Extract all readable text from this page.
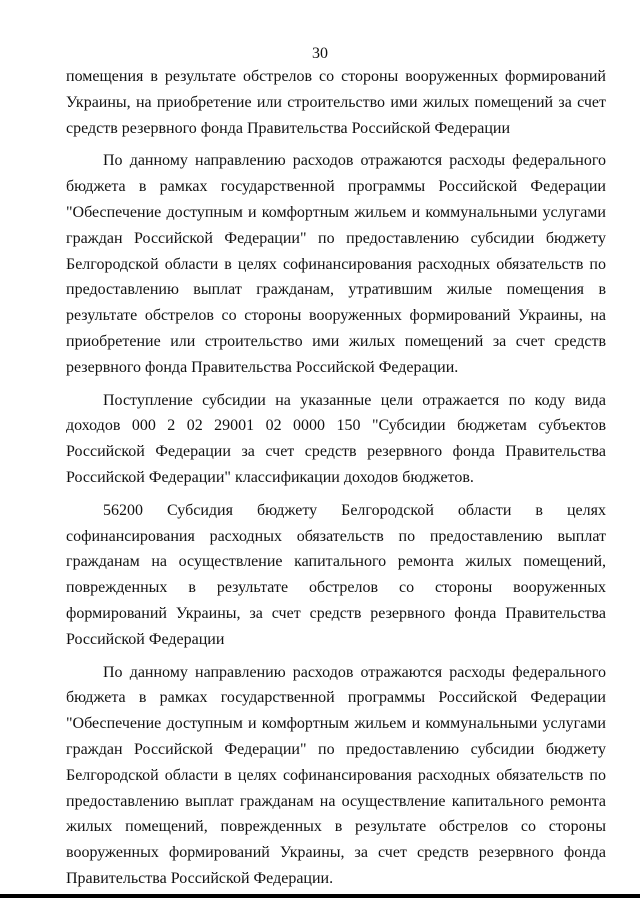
30

помещения в результате обстрелов со стороны вооруженных формирований Украины, на приобретение или строительство ими жилых помещений за счет средств резервного фонда Правительства Российской Федерации

По данному направлению расходов отражаются расходы федерального бюджета в рамках государственной программы Российской Федерации "Обеспечение доступным и комфортным жильем и коммунальными услугами граждан Российской Федерации" по предоставлению субсидии бюджету Белгородской области в целях софинансирования расходных обязательств по предоставлению выплат гражданам, утратившим жилые помещения в результате обстрелов со стороны вооруженных формирований Украины, на приобретение или строительство ими жилых помещений за счет средств резервного фонда Правительства Российской Федерации.

Поступление субсидии на указанные цели отражается по коду вида доходов 000 2 02 29001 02 0000 150 "Субсидии бюджетам субъектов Российской Федерации за счет средств резервного фонда Правительства Российской Федерации" классификации доходов бюджетов.

56200 Субсидия бюджету Белгородской области в целях софинансирования расходных обязательств по предоставлению выплат гражданам на осуществление капитального ремонта жилых помещений, поврежденных в результате обстрелов со стороны вооруженных формирований Украины, за счет средств резервного фонда Правительства Российской Федерации

По данному направлению расходов отражаются расходы федерального бюджета в рамках государственной программы Российской Федерации "Обеспечение доступным и комфортным жильем и коммунальными услугами граждан Российской Федерации" по предоставлению субсидии бюджету Белгородской области в целях софинансирования расходных обязательств по предоставлению выплат гражданам на осуществление капитального ремонта жилых помещений, поврежденных в результате обстрелов со стороны вооруженных формирований Украины, за счет средств резервного фонда Правительства Российской Федерации.
